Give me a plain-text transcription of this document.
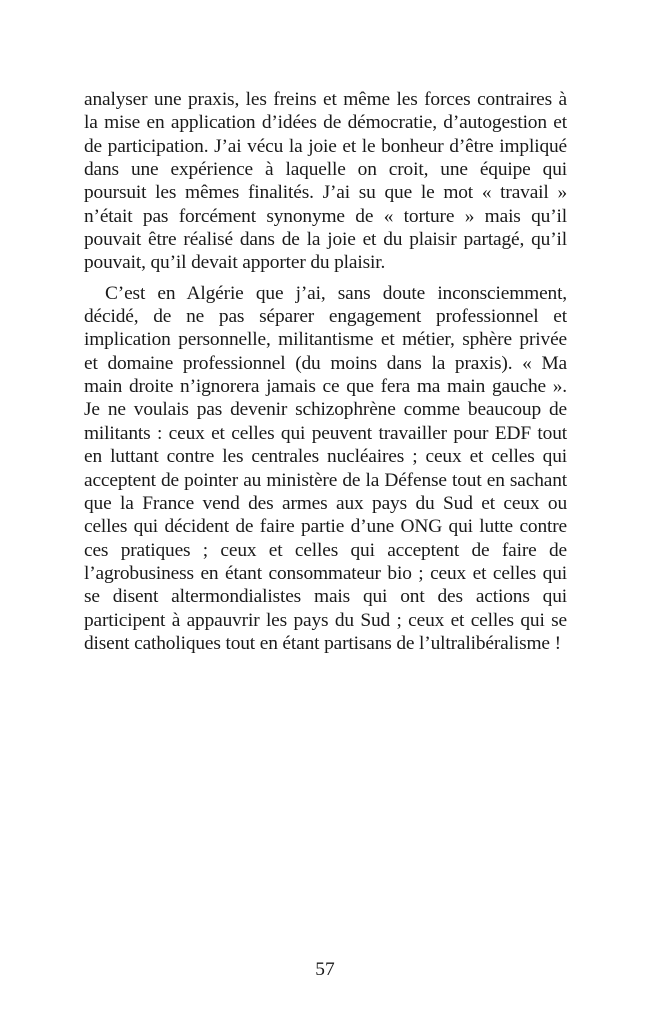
analyser une praxis, les freins et même les forces contraires à
la mise en application d’idées de démocratie, d’autogestion et
de participation. J’ai vécu la joie et le bonheur d’être impliqué
dans une expérience à laquelle on croit, une équipe qui
poursuit les mêmes finalités. J’ai su que le mot « travail »
n’était pas forcément synonyme de « torture » mais qu’il
pouvait être réalisé dans de la joie et du plaisir partagé, qu’il
pouvait, qu’il devait apporter du plaisir.
C’est en Algérie que j’ai, sans doute inconsciemment,
décidé, de ne pas séparer engagement professionnel et
implication personnelle, militantisme et métier, sphère privée
et domaine professionnel (du moins dans la praxis). « Ma
main droite n’ignorera jamais ce que fera ma main gauche ».
Je ne voulais pas devenir schizophrène comme beaucoup de
militants : ceux et celles qui peuvent travailler pour EDF tout
en luttant contre les centrales nucléaires ; ceux et celles qui
acceptent de pointer au ministère de la Défense tout en sachant
que la France vend des armes aux pays du Sud et ceux ou
celles qui décident de faire partie d’une ONG qui lutte contre
ces pratiques ; ceux et celles qui acceptent de faire de
l’agrobusiness en étant consommateur bio ; ceux et celles qui
se disent altermondialistes mais qui ont des actions qui
participent à appauvrir les pays du Sud ; ceux et celles qui se
disent catholiques tout en étant partisans de l’ultralibéralisme !
57
